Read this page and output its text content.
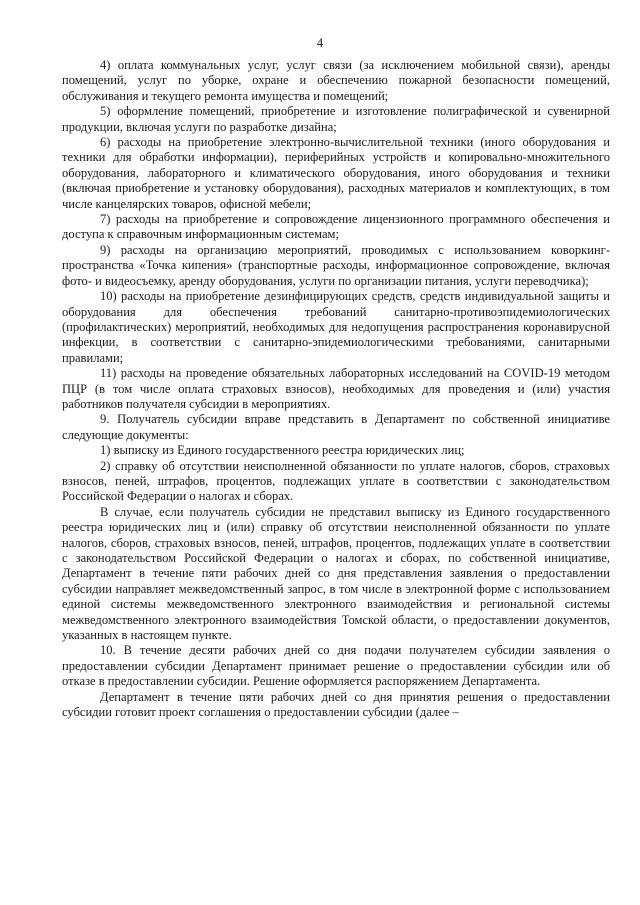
4

4) оплата коммунальных услуг, услуг связи (за исключением мобильной связи), аренды помещений, услуг по уборке, охране и обеспечению пожарной безопасности помещений, обслуживания и текущего ремонта имущества и помещений;

5) оформление помещений, приобретение и изготовление полиграфической и сувенирной продукции, включая услуги по разработке дизайна;

6) расходы на приобретение электронно-вычислительной техники (иного оборудования и техники для обработки информации), периферийных устройств и копировально-множительного оборудования, лабораторного и климатического оборудования, иного оборудования и техники (включая приобретение и установку оборудования), расходных материалов и комплектующих, в том числе канцелярских товаров, офисной мебели;

7) расходы на приобретение и сопровождение лицензионного программного обеспечения и доступа к справочным информационным системам;

9) расходы на организацию мероприятий, проводимых с использованием коворкинг-пространства «Точка кипения» (транспортные расходы, информационное сопровождение, включая фото- и видеосъемку, аренду оборудования, услуги по организации питания, услуги переводчика);

10) расходы на приобретение дезинфицирующих средств, средств индивидуальной защиты и оборудования для обеспечения требований санитарно-противоэпидемиологических (профилактических) мероприятий, необходимых для недопущения распространения коронавирусной инфекции, в соответствии с санитарно-эпидемиологическими требованиями, санитарными правилами;

11) расходы на проведение обязательных лабораторных исследований на COVID-19 методом ПЦР (в том числе оплата страховых взносов), необходимых для проведения и (или) участия работников получателя субсидии в мероприятиях.

9. Получатель субсидии вправе представить в Департамент по собственной инициативе следующие документы:

1) выписку из Единого государственного реестра юридических лиц;

2) справку об отсутствии неисполненной обязанности по уплате налогов, сборов, страховых взносов, пеней, штрафов, процентов, подлежащих уплате в соответствии с законодательством Российской Федерации о налогах и сборах.

В случае, если получатель субсидии не представил выписку из Единого государственного реестра юридических лиц и (или) справку об отсутствии неисполненной обязанности по уплате налогов, сборов, страховых взносов, пеней, штрафов, процентов, подлежащих уплате в соответствии с законодательством Российской Федерации о налогах и сборах, по собственной инициативе, Департамент в течение пяти рабочих дней со дня представления заявления о предоставлении субсидии направляет межведомственный запрос, в том числе в электронной форме с использованием единой системы межведомственного электронного взаимодействия и региональной системы межведомственного электронного взаимодействия Томской области, о предоставлении документов, указанных в настоящем пункте.

10. В течение десяти рабочих дней со дня подачи получателем субсидии заявления о предоставлении субсидии Департамент принимает решение о предоставлении субсидии или об отказе в предоставлении субсидии. Решение оформляется распоряжением Департамента.

Департамент в течение пяти рабочих дней со дня принятия решения о предоставлении субсидии готовит проект соглашения о предоставлении субсидии (далее –
